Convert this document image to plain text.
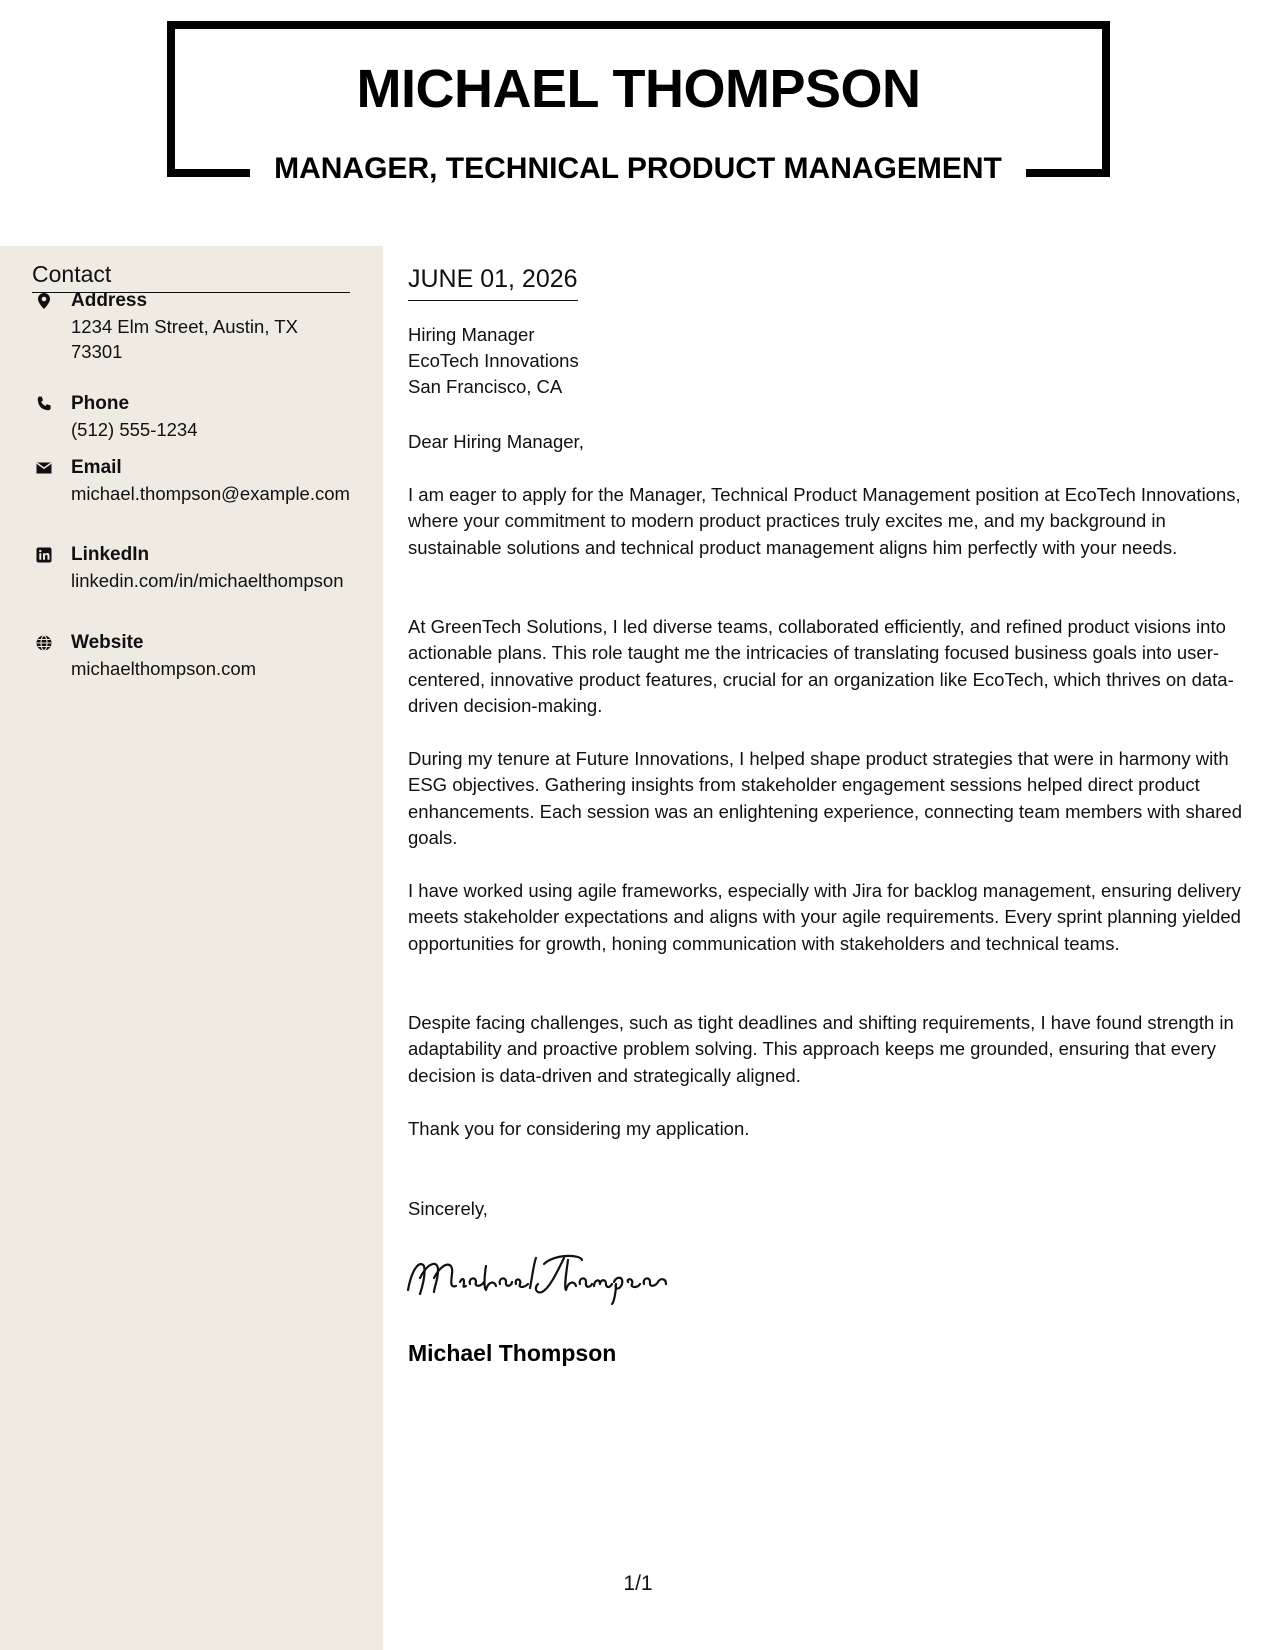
MICHAEL THOMPSON
MANAGER, TECHNICAL PRODUCT MANAGEMENT
Contact
Address
1234 Elm Street, Austin, TX 73301
Phone
(512) 555-1234
Email
michael.thompson@example.com
LinkedIn
linkedin.com/in/michaelthompson
Website
michaelthompson.com
JUNE 01, 2026
Hiring Manager
EcoTech Innovations
San Francisco, CA

Dear Hiring Manager,

I am eager to apply for the Manager, Technical Product Management position at EcoTech Innovations, where your commitment to modern product practices truly excites me, and my background in sustainable solutions and technical product management aligns him perfectly with your needs.

At GreenTech Solutions, I led diverse teams, collaborated efficiently, and refined product visions into actionable plans. This role taught me the intricacies of translating focused business goals into user-centered, innovative product features, crucial for an organization like EcoTech, which thrives on data-driven decision-making.

During my tenure at Future Innovations, I helped shape product strategies that were in harmony with ESG objectives. Gathering insights from stakeholder engagement sessions helped direct product enhancements. Each session was an enlightening experience, connecting team members with shared goals.

I have worked using agile frameworks, especially with Jira for backlog management, ensuring delivery meets stakeholder expectations and aligns with your agile requirements. Every sprint planning yielded opportunities for growth, honing communication with stakeholders and technical teams.

Despite facing challenges, such as tight deadlines and shifting requirements, I have found strength in adaptability and proactive problem solving. This approach keeps me grounded, ensuring that every decision is data-driven and strategically aligned.

Thank you for considering my application.

Sincerely,

Michael Thompson
1/1
